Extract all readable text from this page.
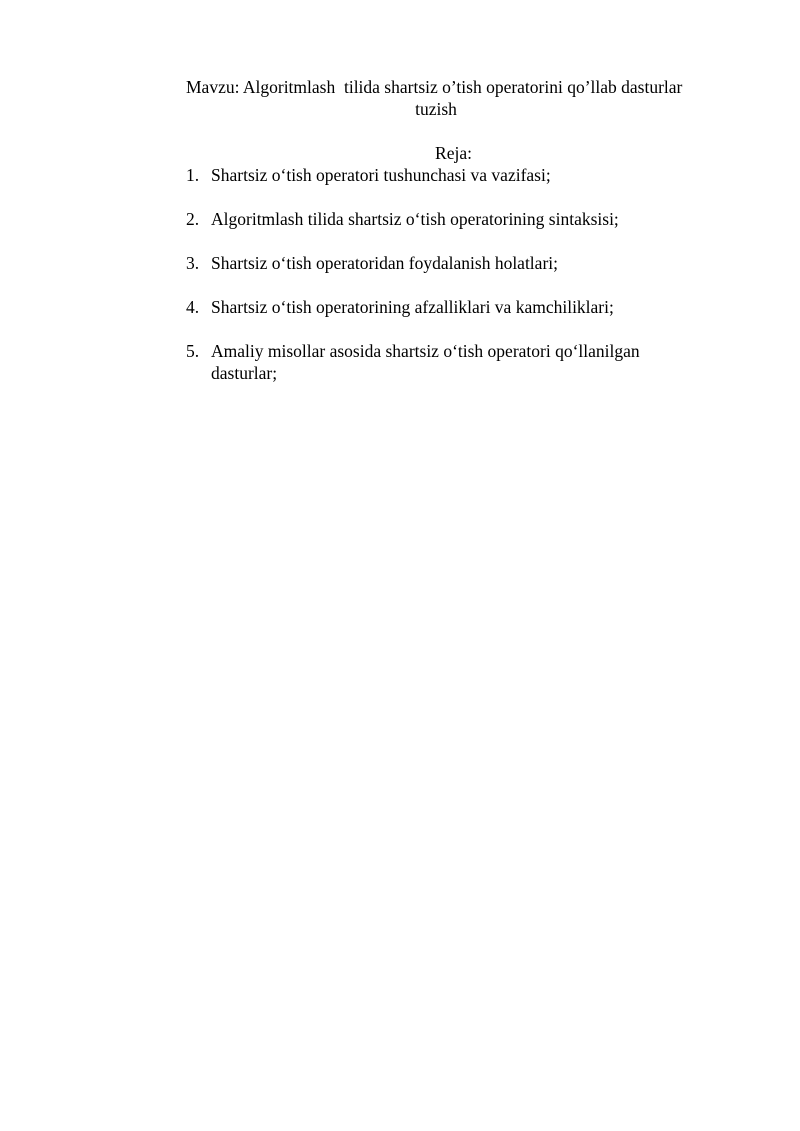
Mavzu: Algoritmlash  tilida shartsiz o’tish operatorini qo’llab dasturlar
tuzish
Reja:
1. Shartsiz o‘tish operatori tushunchasi va vazifasi;
2. Algoritmlash tilida shartsiz o‘tish operatorining sintaksisi;
3. Shartsiz o‘tish operatoridan foydalanish holatlari;
4. Shartsiz o‘tish operatorining afzalliklari va kamchiliklari;
5. Amaliy misollar asosida shartsiz o‘tish operatori qo‘llanilgan dasturlar;
